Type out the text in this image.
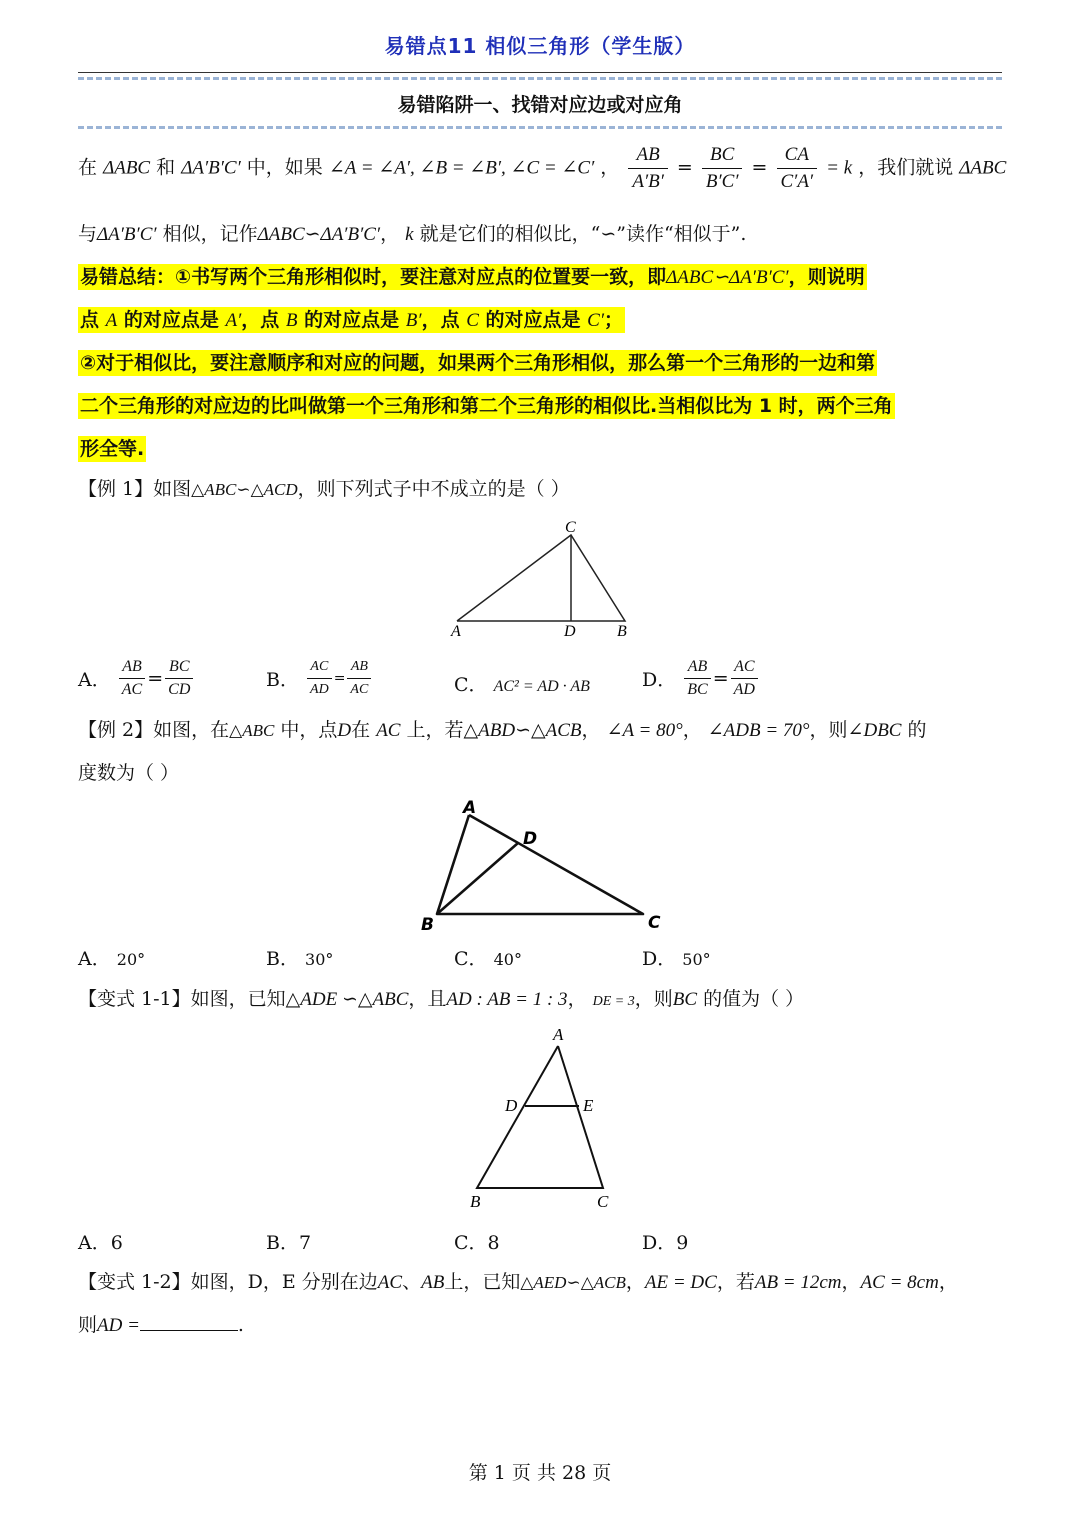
易错点11 相似三角形（学生版）
易错陷阱一、找错对应边或对应角
在 ΔABC 和 ΔA′B′C′ 中，如果 ∠A = ∠A′, ∠B = ∠B′, ∠C = ∠C′ ， $\frac{AB}{A'B'} = \frac{BC}{B'C'} = \frac{CA}{C'A'} = k$ ，我们就说 ΔABC
与ΔA′B′C′ 相似，记作ΔABC∽ΔA′B′C′， k 就是它们的相似比，“∽”读作“相似于”.
易错总结：①书写两个三角形相似时，要注意对应点的位置要一致，即ΔABC∽ΔA′B′C′，则说明
点 A 的对应点是 A′，点 B 的对应点是 B′，点 C 的对应点是 C′；
②对于相似比，要注意顺序和对应的问题，如果两个三角形相似，那么第一个三角形的一边和第
二个三角形的对应边的比叫做第一个三角形和第二个三角形的相似比.当相似比为 1 时，两个三角
形全等.
【例 1】如图△ABC∽△ACD，则下列式子中不成立的是（ ）
C
A	D	B
A． $\frac{AB}{AC} = \frac{BC}{CD}$	B． $\frac{AC}{AD} = \frac{AB}{AC}$	C． AC² = AD · AB	D． $\frac{AB}{BC} = \frac{AC}{AD}$
【例 2】如图，在△ABC 中，点D在 AC 上，若△ABD∽△ACB， ∠A = 80°， ∠ADB = 70°，则∠DBC 的
度数为（ ）
A
D
B	C
A． 20°	B． 30°	C． 40°	D． 50°
【变式 1-1】如图，已知△ADE ∽△ABC，且AD : AB = 1 : 3， DE = 3，则BC 的值为（ ）
A
D	E
B	C
A．6	B．7	C．8	D．9
【变式 1-2】如图，D，E 分别在边AC、AB上，已知△AED∽△ACB，AE = DC，若AB = 12cm，AC = 8cm，
则AD =	.
第 1 页 共 28 页
